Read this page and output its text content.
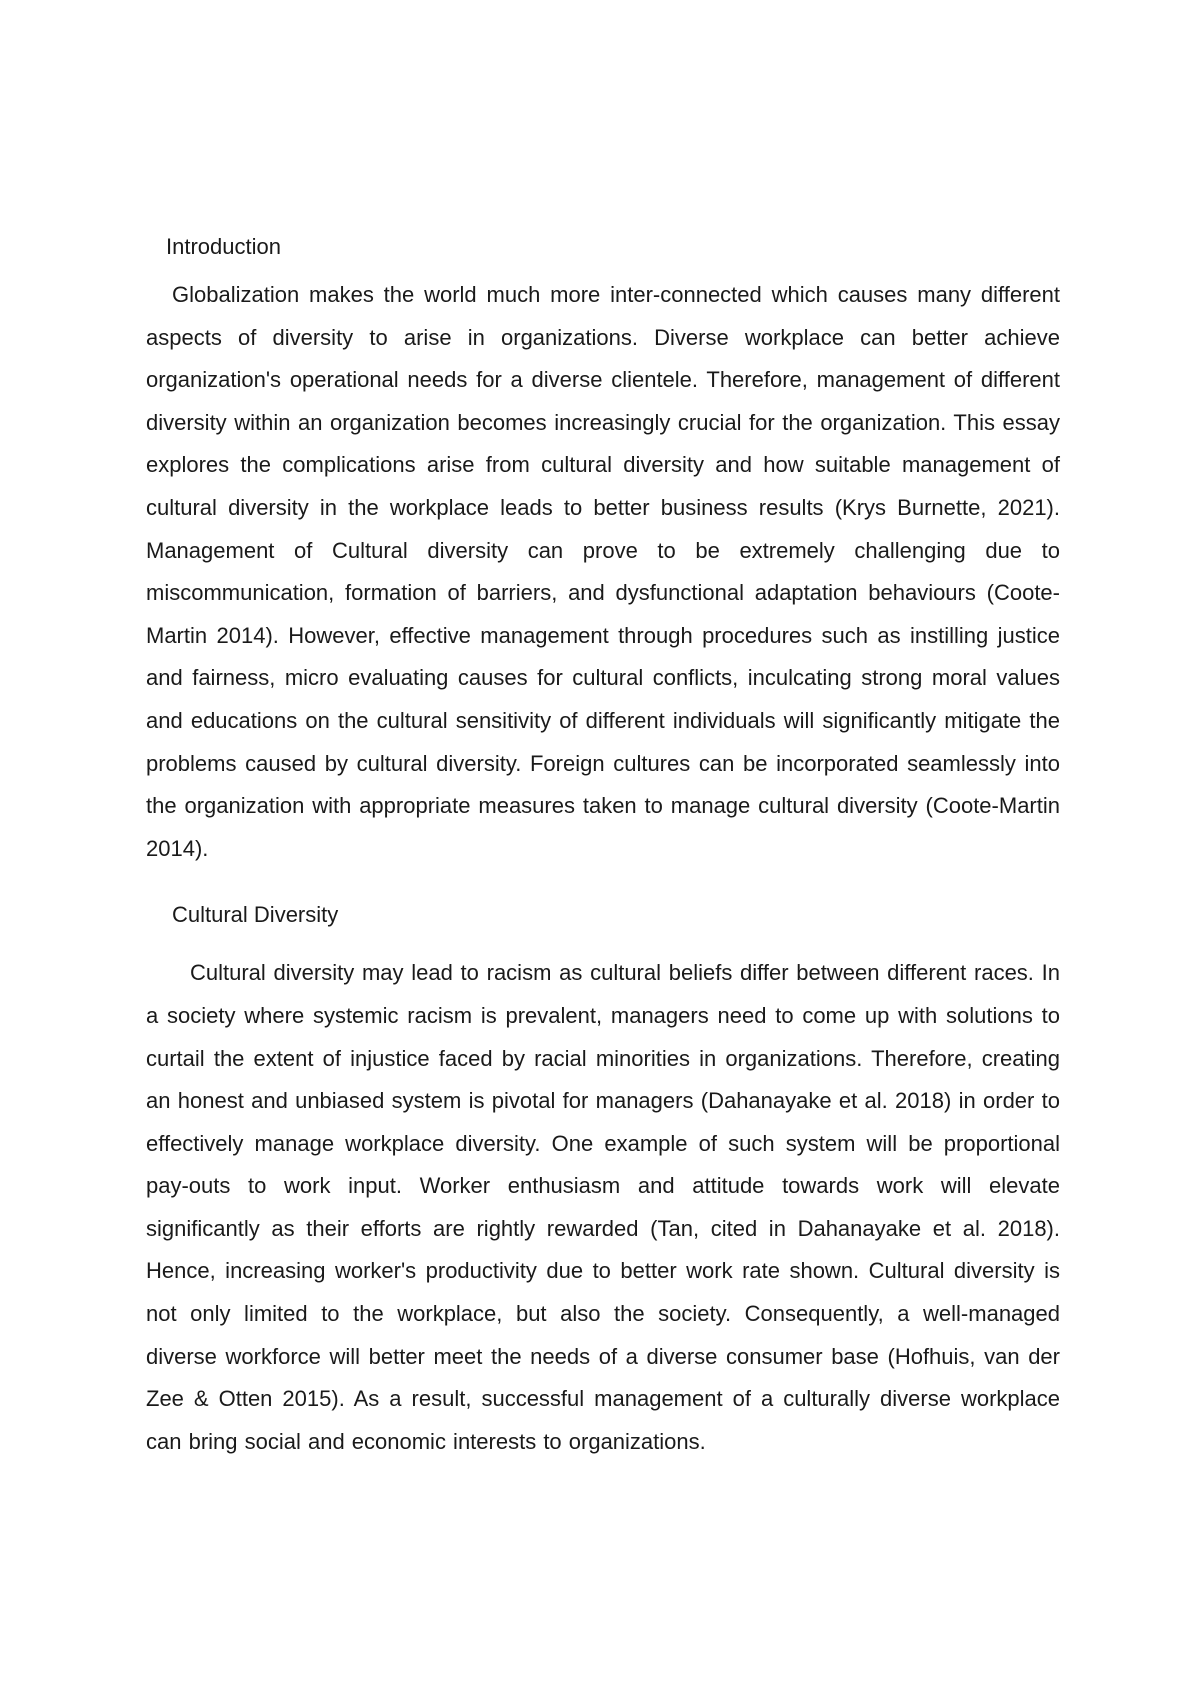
Introduction

Globalization makes the world much more inter-connected which causes many different aspects of diversity to arise in organizations. Diverse workplace can better achieve organization's operational needs for a diverse clientele. Therefore, management of different diversity within an organization becomes increasingly crucial for the organization. This essay explores the complications arise from cultural diversity and how suitable management of cultural diversity in the workplace leads to better business results (Krys Burnette, 2021). Management of Cultural diversity can prove to be extremely challenging due to miscommunication, formation of barriers, and dysfunctional adaptation behaviours (Coote-Martin 2014). However, effective management through procedures such as instilling justice and fairness, micro evaluating causes for cultural conflicts, inculcating strong moral values and educations on the cultural sensitivity of different individuals will significantly mitigate the problems caused by cultural diversity. Foreign cultures can be incorporated seamlessly into the organization with appropriate measures taken to manage cultural diversity (Coote-Martin 2014).

Cultural Diversity

Cultural diversity may lead to racism as cultural beliefs differ between different races. In a society where systemic racism is prevalent, managers need to come up with solutions to curtail the extent of injustice faced by racial minorities in organizations. Therefore, creating an honest and unbiased system is pivotal for managers (Dahanayake et al. 2018) in order to effectively manage workplace diversity. One example of such system will be proportional pay-outs to work input. Worker enthusiasm and attitude towards work will elevate significantly as their efforts are rightly rewarded (Tan, cited in Dahanayake et al. 2018). Hence, increasing worker's productivity due to better work rate shown. Cultural diversity is not only limited to the workplace, but also the society. Consequently, a well-managed diverse workforce will better meet the needs of a diverse consumer base (Hofhuis, van der Zee & Otten 2015). As a result, successful management of a culturally diverse workplace can bring social and economic interests to organizations.
